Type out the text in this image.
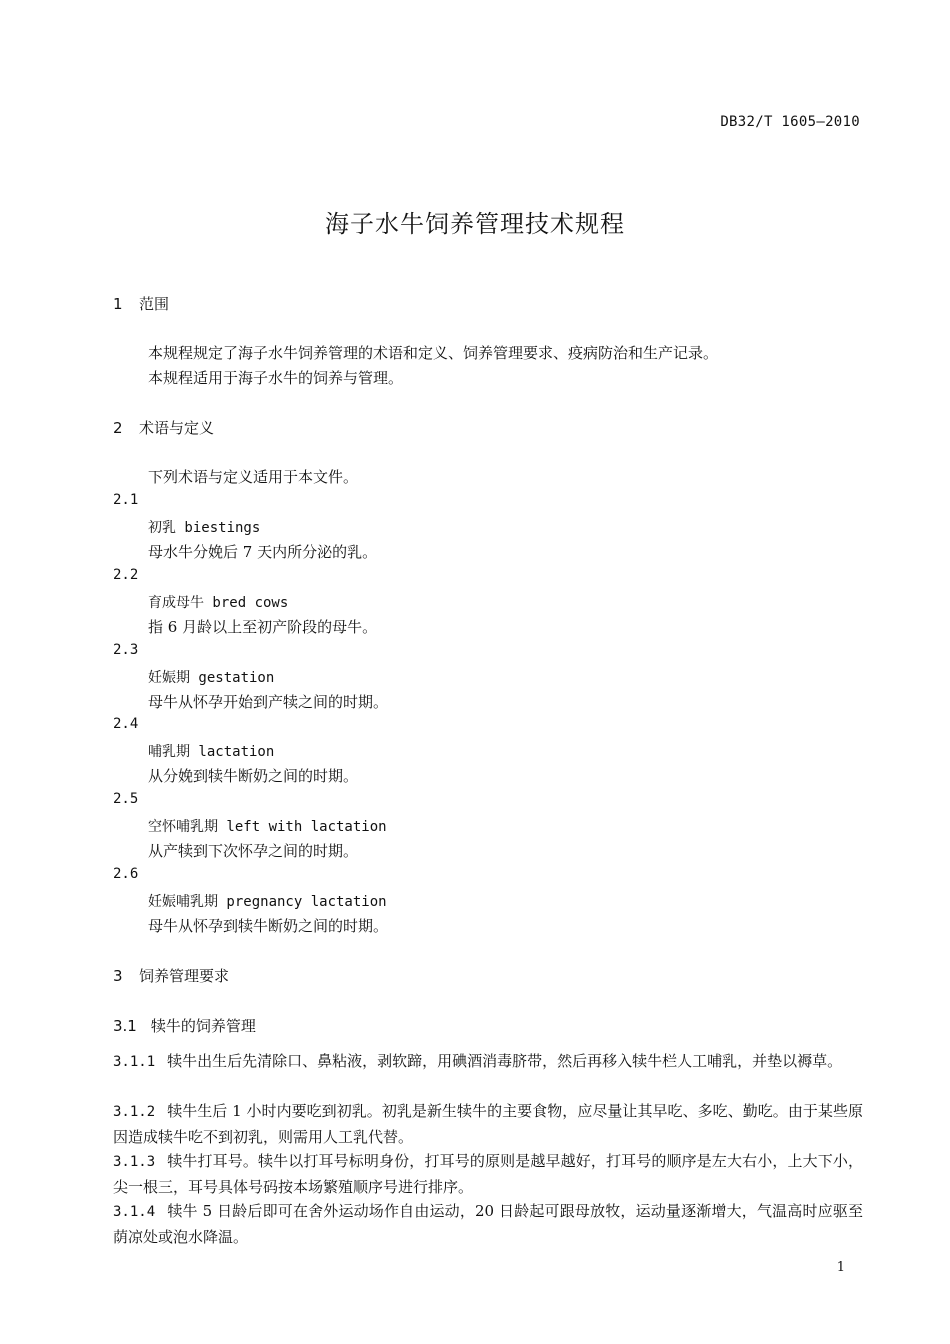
DB32/T 1605—2010
海子水牛饲养管理技术规程
1 范围
本规程规定了海子水牛饲养管理的术语和定义、饲养管理要求、疫病防治和生产记录。
本规程适用于海子水牛的饲养与管理。
2 术语与定义
下列术语与定义适用于本文件。
2.1
初乳 biestings
母水牛分娩后 7 天内所分泌的乳。
2.2
育成母牛 bred cows
指 6 月龄以上至初产阶段的母牛。
2.3
妊娠期 gestation
母牛从怀孕开始到产犊之间的时期。
2.4
哺乳期 lactation
从分娩到犊牛断奶之间的时期。
2.5
空怀哺乳期 left with lactation
从产犊到下次怀孕之间的时期。
2.6
妊娠哺乳期 pregnancy lactation
母牛从怀孕到犊牛断奶之间的时期。
3 饲养管理要求
3.1 犊牛的饲养管理
3.1.1 犊牛出生后先清除口、鼻粘液，剥软蹄，用碘酒消毒脐带，然后再移入犊牛栏人工哺乳，并垫以褥草。
3.1.2 犊牛生后 1 小时内要吃到初乳。初乳是新生犊牛的主要食物，应尽量让其早吃、多吃、勤吃。由于某些原因造成犊牛吃不到初乳，则需用人工乳代替。
3.1.3 犊牛打耳号。犊牛以打耳号标明身份，打耳号的原则是越早越好，打耳号的顺序是左大右小，上大下小，尖一根三，耳号具体号码按本场繁殖顺序号进行排序。
3.1.4 犊牛 5 日龄后即可在舍外运动场作自由运动，20 日龄起可跟母放牧，运动量逐渐增大，气温高时应驱至荫凉处或泡水降温。
1
